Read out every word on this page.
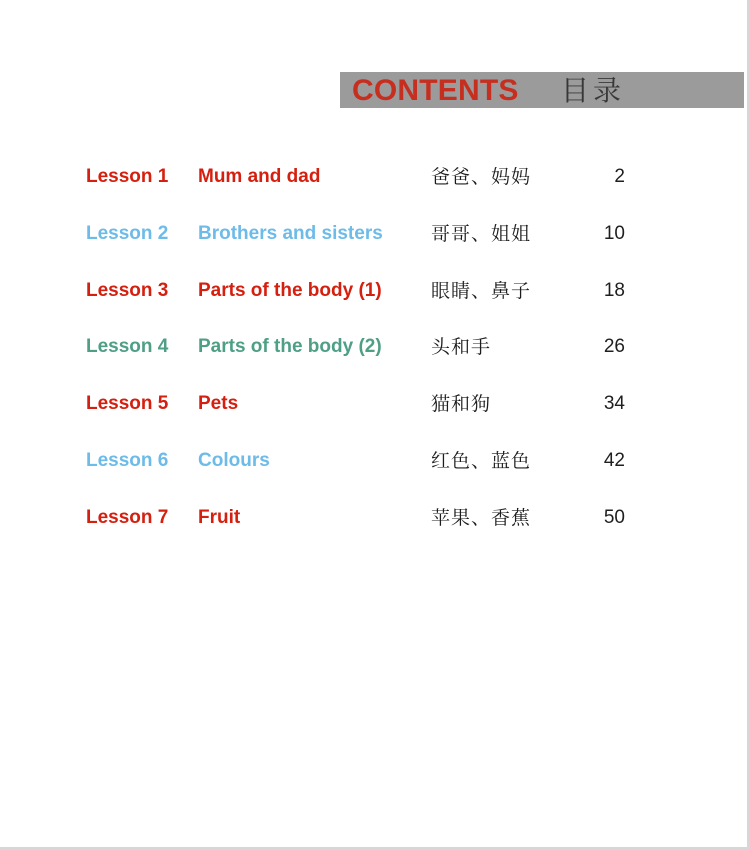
CONTENTS 目录
Lesson 1	Mum and dad	爸爸、妈妈	2
Lesson 2	Brothers and sisters	哥哥、姐姐	10
Lesson 3	Parts of the body (1)	眼睛、鼻子	18
Lesson 4	Parts of the body (2)	头和手	26
Lesson 5	Pets	猫和狗	34
Lesson 6	Colours	红色、蓝色	42
Lesson 7	Fruit	苹果、香蕉	50
